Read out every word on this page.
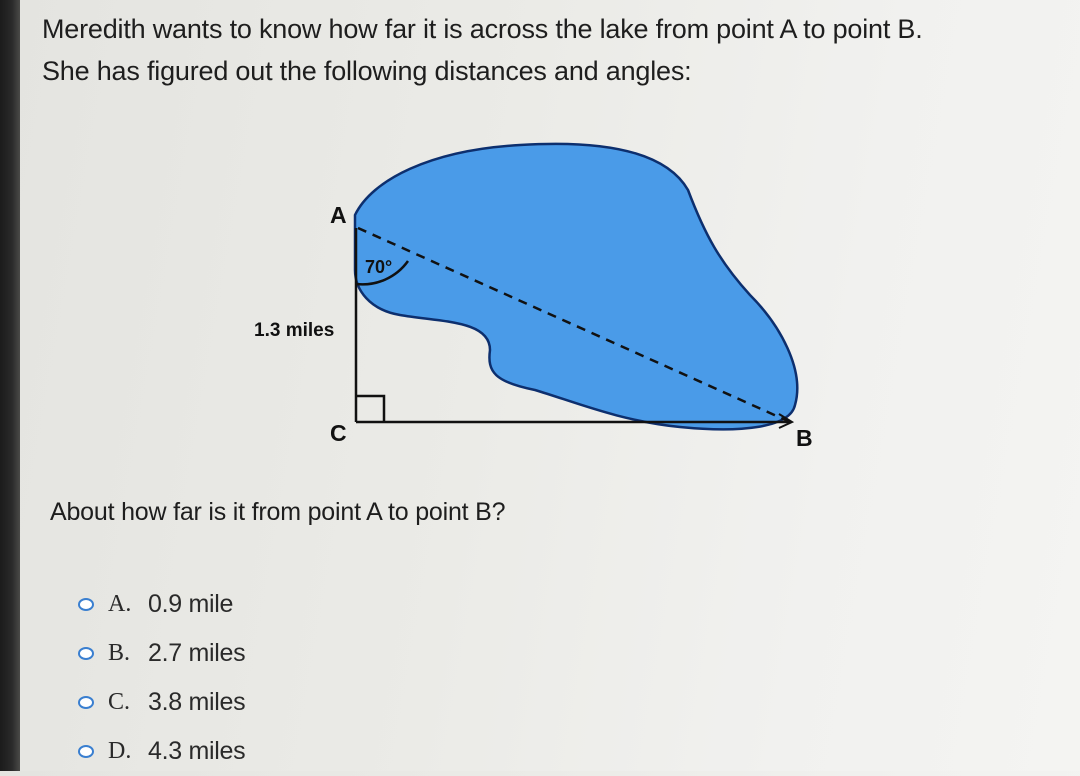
Meredith wants to know how far it is across the lake from point A to point B.

She has figured out the following distances and angles:

A
B
C
70°
1.3 miles
About how far is it from point A to point B?
A. 0.9 mile
B. 2.7 miles
C. 3.8 miles
D. 4.3 miles
